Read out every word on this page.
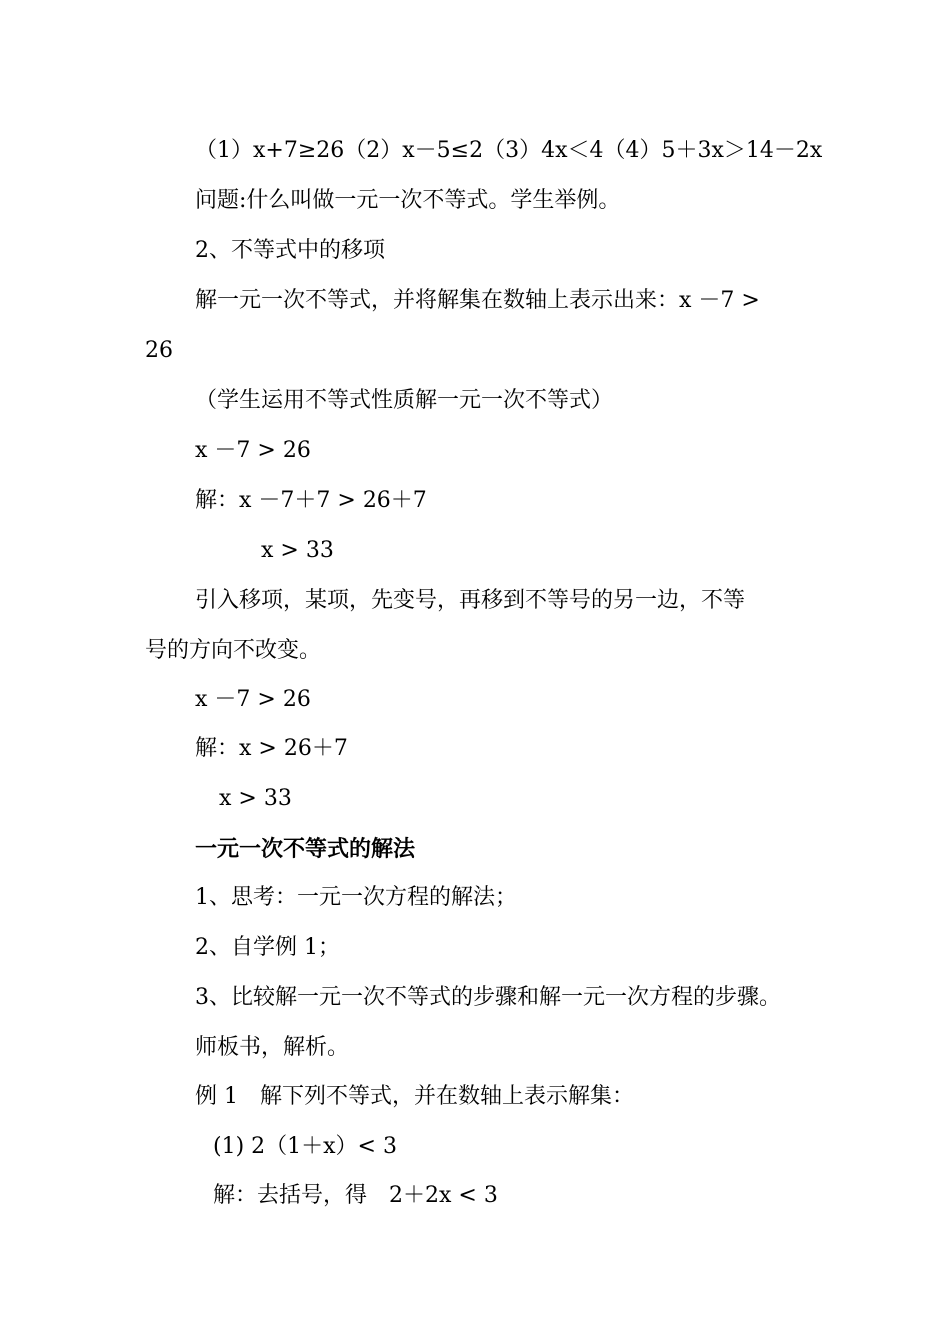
（1）x+7≥26（2）x－5≤2（3）4x＜4（4）5＋3x＞14－2x
问题:什么叫做一元一次不等式。学生举例。
2、不等式中的移项
解一元一次不等式，并将解集在数轴上表示出来：x －7 >
26
（学生运用不等式性质解一元一次不等式）
x －7 > 26
解：x －7＋7 > 26＋7
x > 33
引入移项，某项，先变号，再移到不等号的另一边，不等
号的方向不改变。
x －7 > 26
解：x > 26＋7
x > 33
一元一次不等式的解法
1、思考：一元一次方程的解法；
2、自学例 1；
3、比较解一元一次不等式的步骤和解一元一次方程的步骤。
师板书，解析。
例 1　解下列不等式，并在数轴上表示解集：
(1) 2（1＋x）< 3
解：去括号，得　2＋2x < 3
